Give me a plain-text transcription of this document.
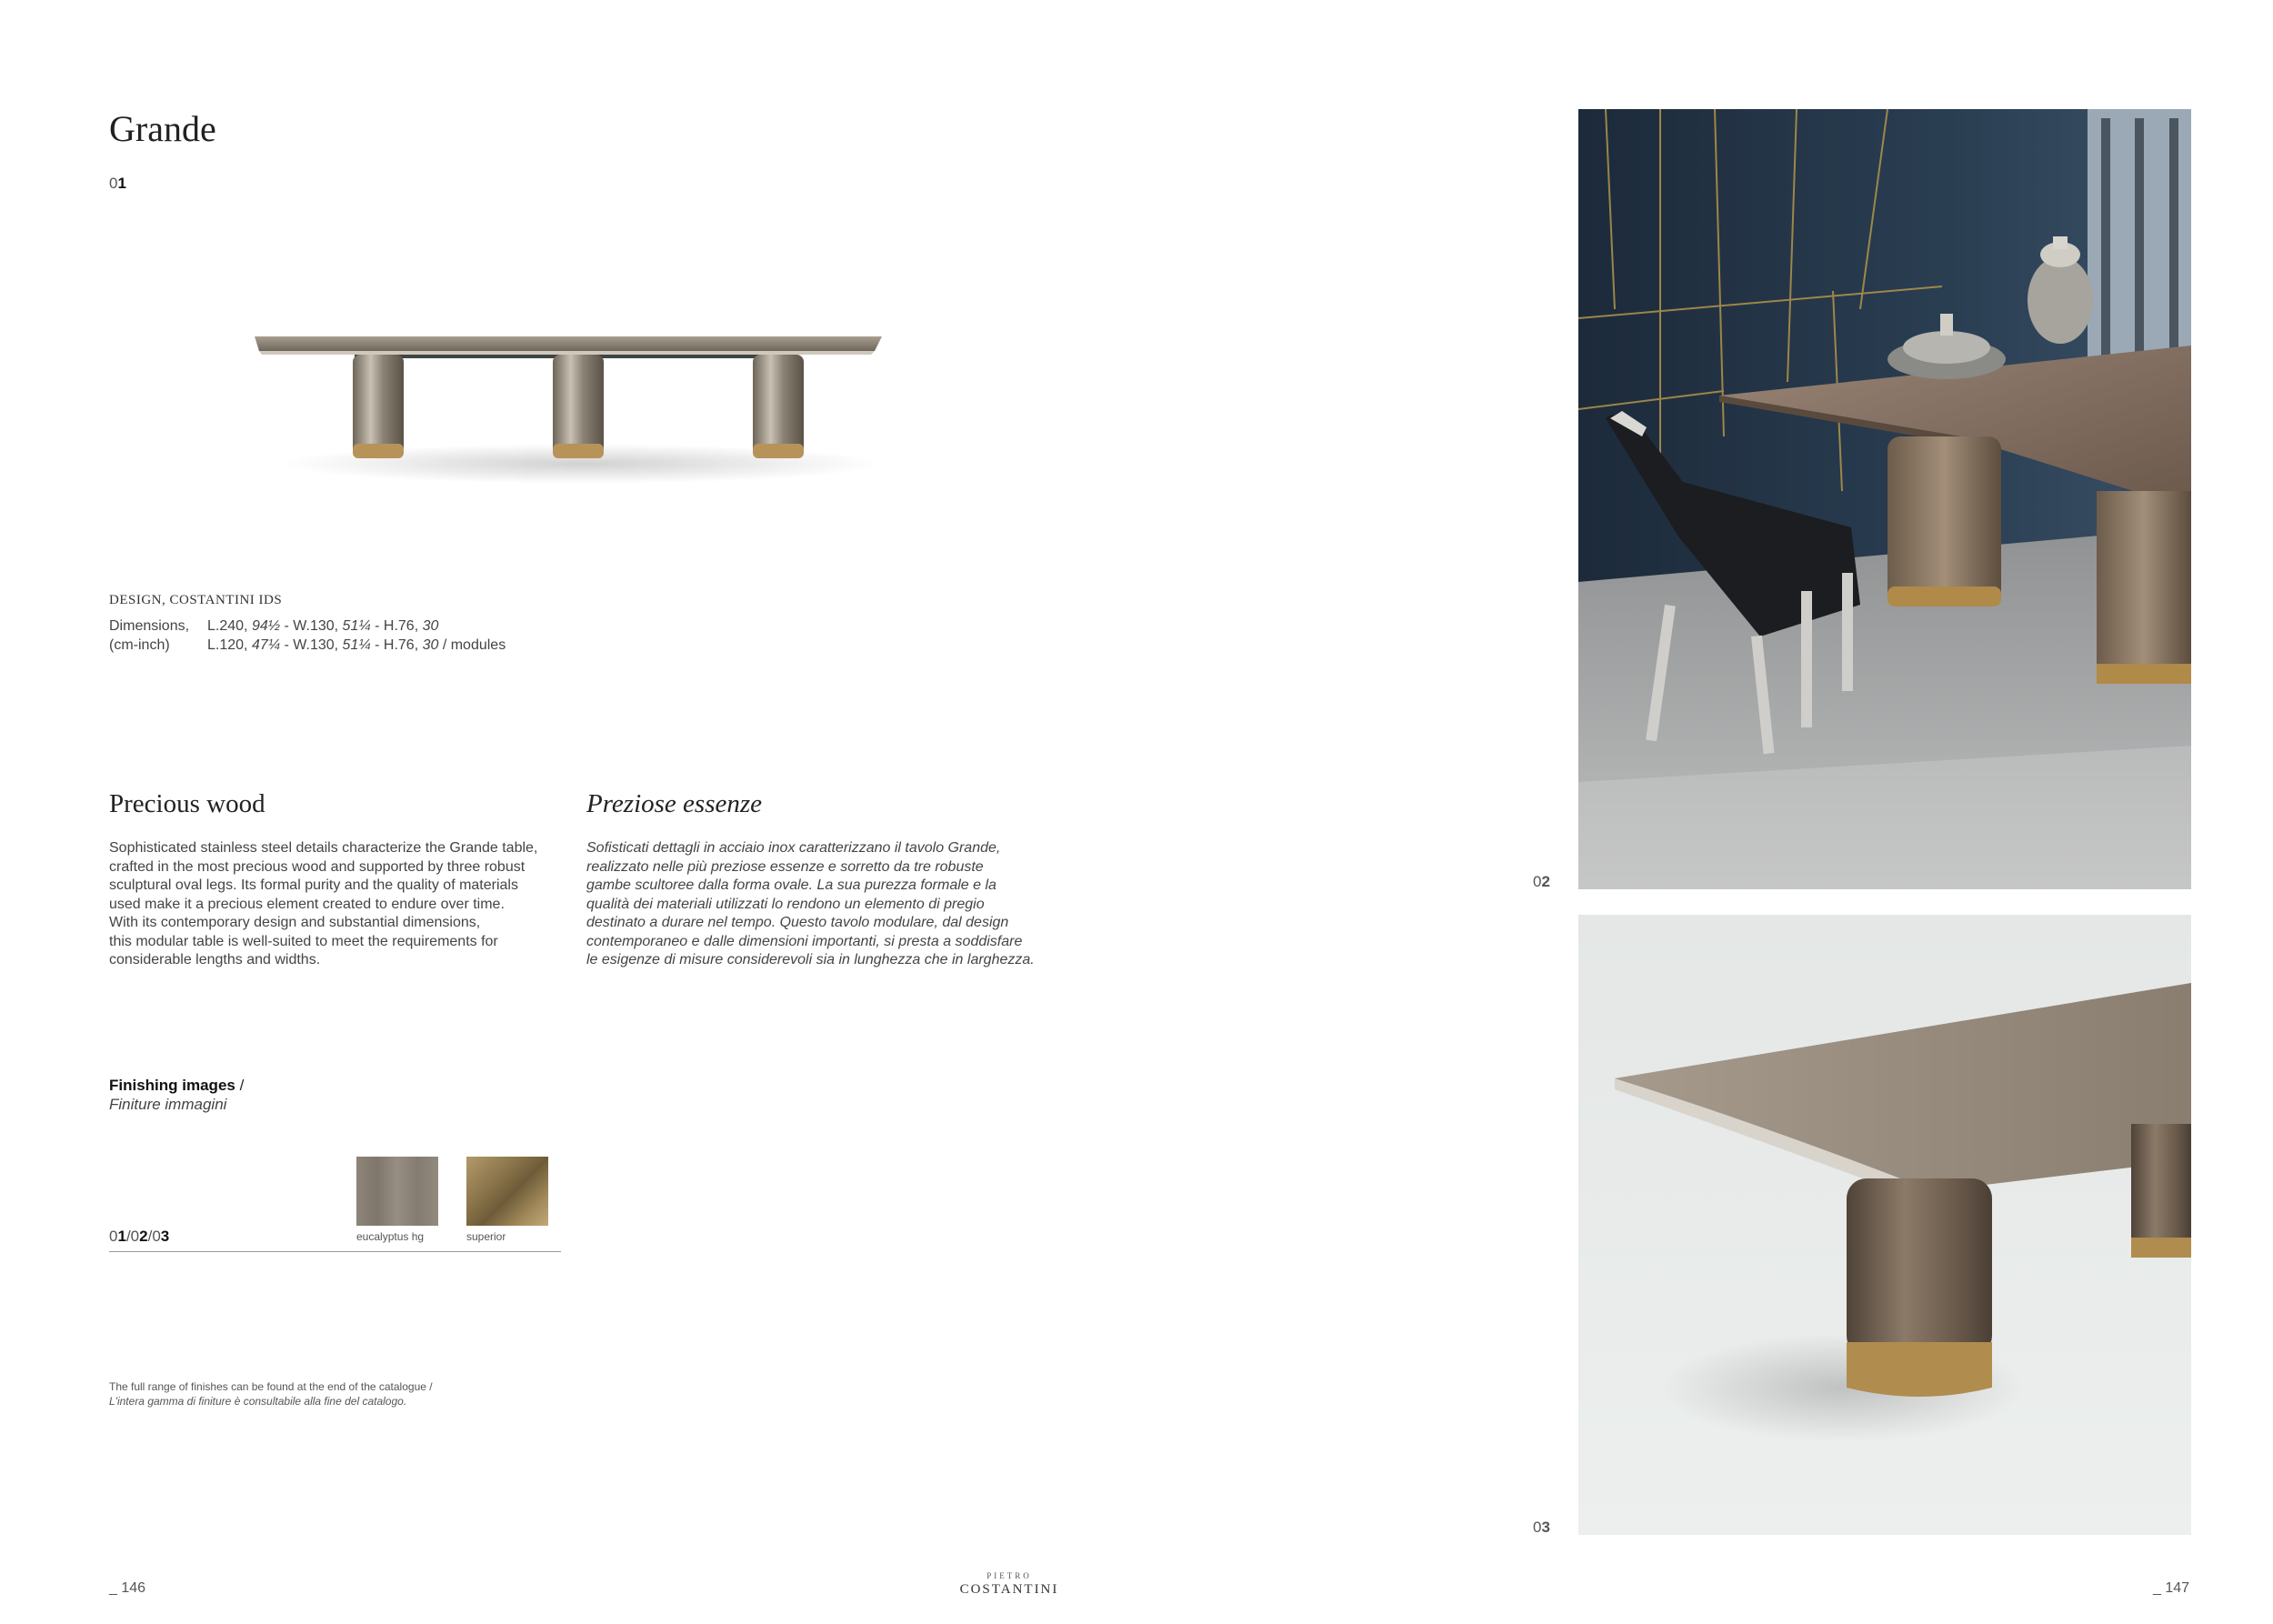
Grande
01
DESIGN, COSTANTINI IDS
Dimensions, L.240, 94½ - W.130, 51¼ - H.76, 30
(cm-inch)	L.120, 47¼ - W.130, 51¼ - H.76, 30 / modules
Precious wood	Preziose essenze
Sophisticated stainless steel details characterize the Grande table,
crafted in the most precious wood and supported by three robust
sculptural oval legs. Its formal purity and the quality of materials
used make it a precious element created to endure over time.
With its contemporary design and substantial dimensions,
this modular table is well-suited to meet the requirements for
considerable lengths and widths.
Sofisticati dettagli in acciaio inox caratterizzano il tavolo Grande,
realizzato nelle più preziose essenze e sorretto da tre robuste
gambe scultoree dalla forma ovale. La sua purezza formale e la
qualità dei materiali utilizzati lo rendono un elemento di pregio
destinato a durare nel tempo. Questo tavolo modulare, dal design
contemporaneo e dalle dimensioni importanti, si presta a soddisfare
le esigenze di misure considerevoli sia in lunghezza che in larghezza.
Finishing images /
Finiture immagini
eucalyptus hg	superior
01/02/03
The full range of finishes can be found at the end of the catalogue /
L'intera gamma di finiture è consultabile alla fine del catalogo.
_ 146
PIETRO
COSTANTINI	_ 147
02
03
